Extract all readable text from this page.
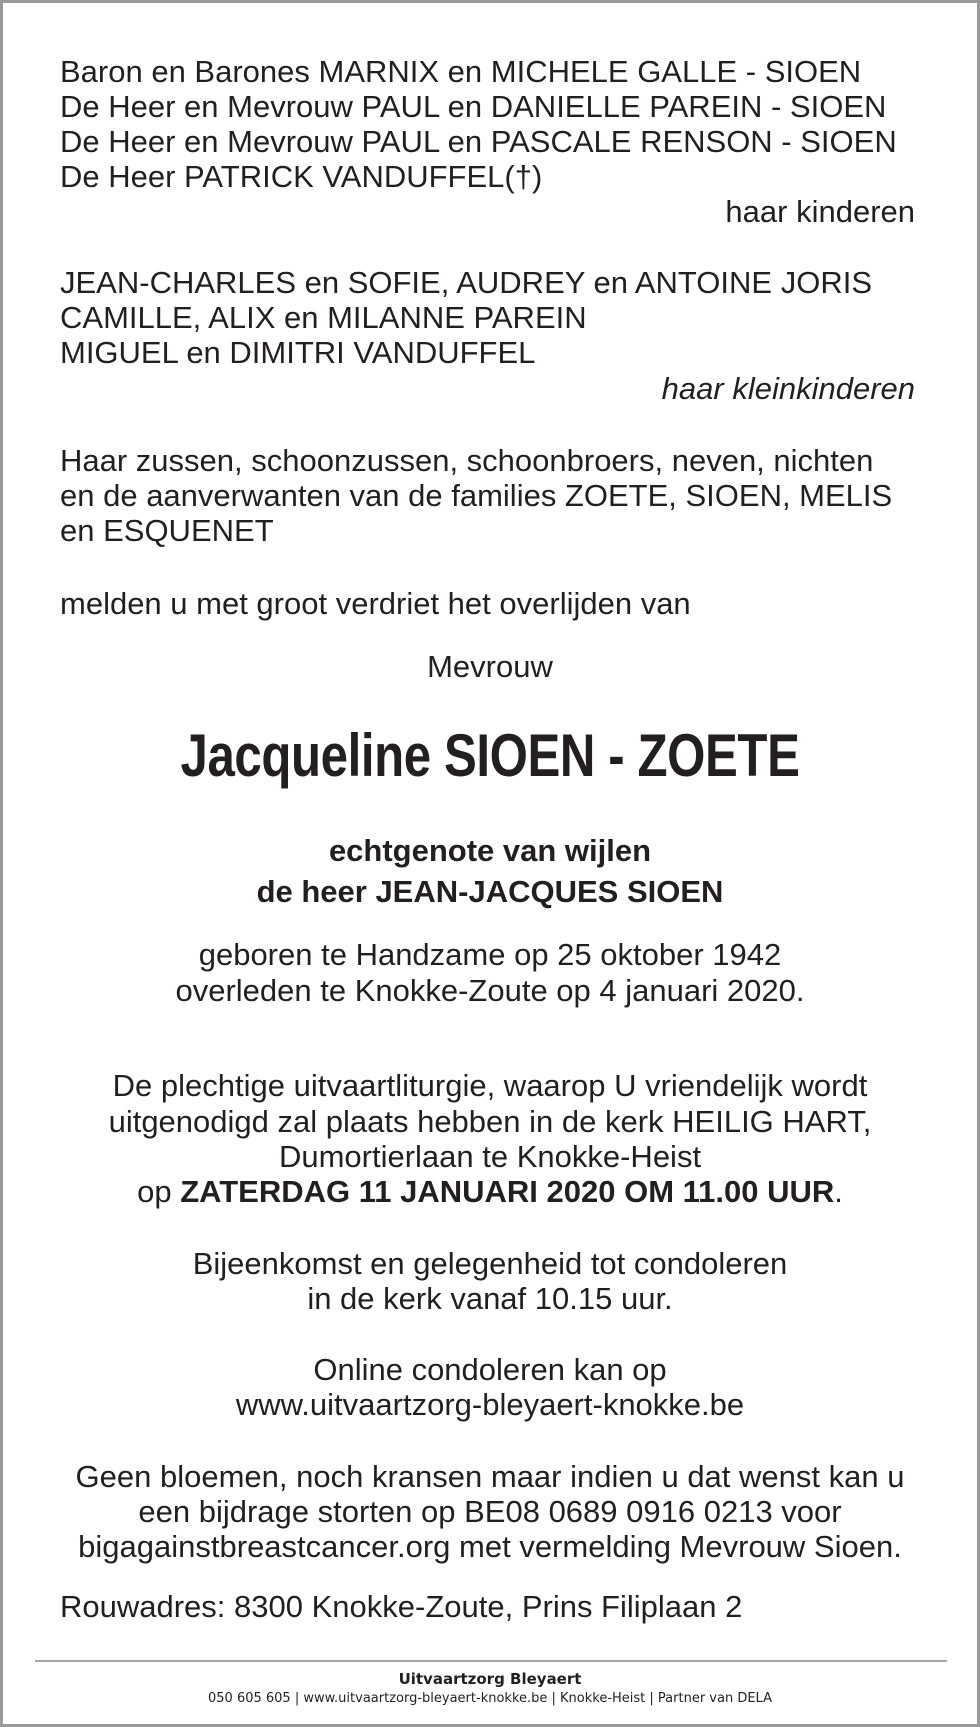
Baron en Barones MARNIX en MICHELE GALLE - SIOEN
De Heer en Mevrouw PAUL en DANIELLE PAREIN - SIOEN
De Heer en Mevrouw PAUL en PASCALE RENSON - SIOEN
De Heer PATRICK VANDUFFEL(†)
haar kinderen
JEAN-CHARLES en SOFIE, AUDREY en ANTOINE JORIS
CAMILLE, ALIX en MILANNE PAREIN
MIGUEL en DIMITRI VANDUFFEL
haar kleinkinderen
Haar zussen, schoonzussen, schoonbroers, neven, nichten
en de aanverwanten van de families ZOETE, SIOEN, MELIS
en ESQUENET
melden u met groot verdriet het overlijden van
Mevrouw
Jacqueline SIOEN - ZOETE
echtgenote van wijlen
de heer JEAN-JACQUES SIOEN
geboren te Handzame op 25 oktober 1942
overleden te Knokke-Zoute op 4 januari 2020.
De plechtige uitvaartliturgie, waarop U vriendelijk wordt
uitgenodigd zal plaats hebben in de kerk HEILIG HART,
Dumortierlaan te Knokke-Heist
op ZATERDAG 11 JANUARI 2020 OM 11.00 UUR.
Bijeenkomst en gelegenheid tot condoleren
in de kerk vanaf 10.15 uur.
Online condoleren kan op
www.uitvaartzorg-bleyaert-knokke.be
Geen bloemen, noch kransen maar indien u dat wenst kan u
een bijdrage storten op BE08 0689 0916 0213 voor
bigagainstbreastcancer.org met vermelding Mevrouw Sioen.
Rouwadres: 8300 Knokke-Zoute, Prins Filiplaan 2
Uitvaartzorg Bleyaert
050 605 605 | www.uitvaartzorg-bleyaert-knokke.be | Knokke-Heist | Partner van DELA
